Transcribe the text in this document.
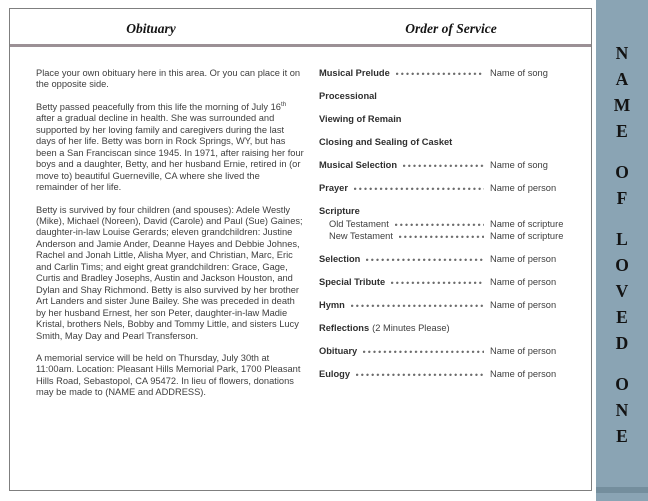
Obituary	Order of Service

Place your own obituary here in this area. Or you can place it on the opposite side.

Betty passed peacefully from this life the morning of July 16th after a gradual decline in health. She was surrounded and supported by her loving family and caregivers during the last days of her life. Betty was born in Rock Springs, WY, but has been a San Franciscan since 1945. In 1971, after raising her four boys and a daughter, Betty, and her husband Ernie, retired in (or move to) beautiful Guerneville, CA where she lived the remainder of her life.

Betty is survived by four children (and spouses): Adele Westly (Mike), Michael (Noreen), David (Carole) and Paul (Sue) Gaines; daughter-in-law Louise Gerards; eleven grandchildren: Justine Anderson and Jamie Ander, Deanne Hayes and Debbie Johnes, Rachel and Jonah Little, Alisha Myer, and Christian, Marc, Eric and Carlin Tims; and eight great grandchildren: Grace, Gage, Curtis and Bradley Josephs, Austin and Jackson Houston, and Dylan and Shay Richmond. Betty is also survived by her brother Art Landers and sister June Bailey. She was preceded in death by her husband Ernest, her son Peter, daughter-in-law Madie Kristal, brothers Nels, Bobby and Tommy Little, and sisters Lucy Smith, May Day and Pearl Transferson.

A memorial service will be held on Thursday, July 30th at 11:00am. Location: Pleasant Hills Memorial Park, 1700 Pleasant Hills Road, Sebastopol, CA 95472. In lieu of flowers, donations may be made to (NAME and ADDRESS).

Musical Prelude	Name of song
Processional
Viewing of Remain
Closing and Sealing of Casket
Musical Selection	Name of song
Prayer	Name of person
Scripture
Old Testament	Name of scripture
New Testament	Name of scripture
Selection	Name of person
Special Tribute	Name of person
Hymn	Name of person
Reflections (2 Minutes Please)
Obituary	Name of person
Eulogy	Name of person
N
A
M
E
O
F
L
O
V
E
D
O
N
E
